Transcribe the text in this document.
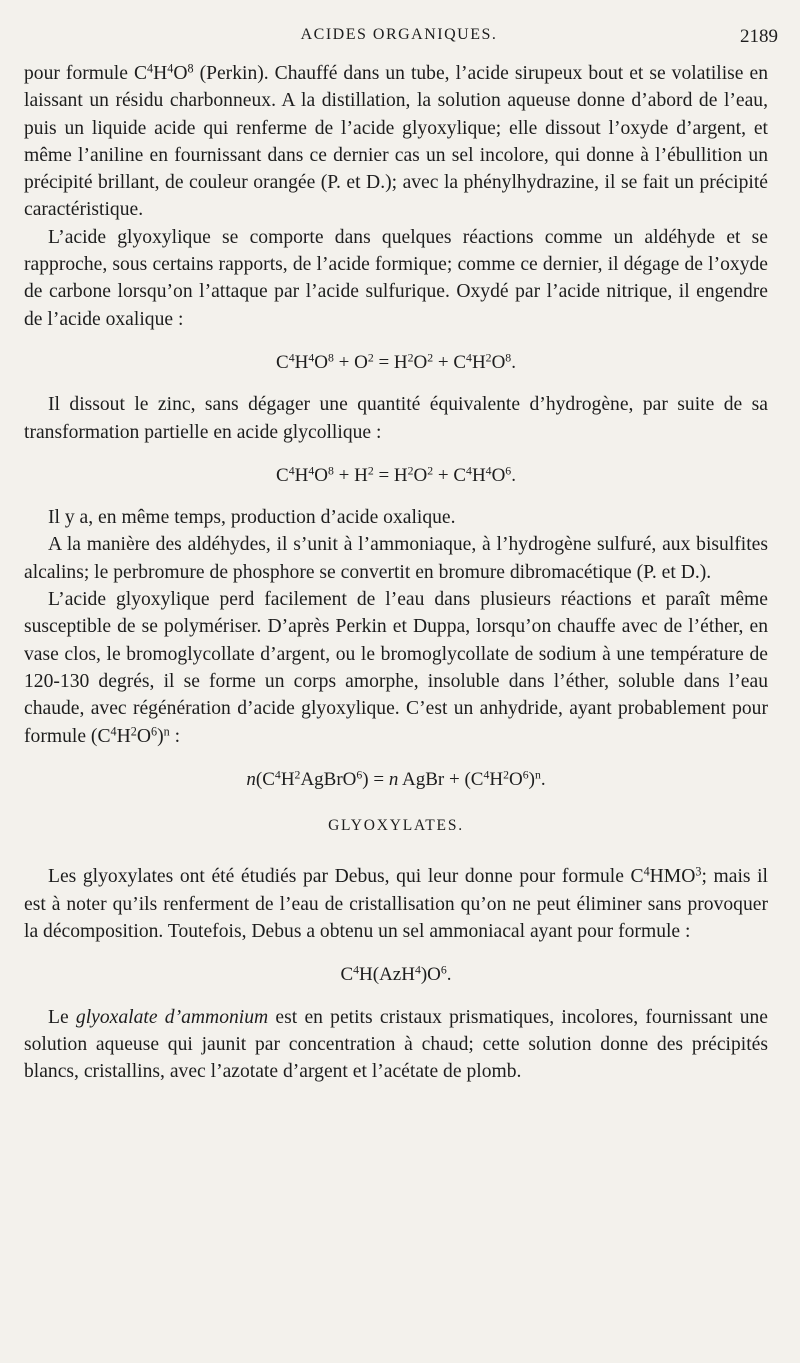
ACIDES ORGANIQUES.	2189

pour formule $C^4H^4O^8$ (Perkin). Chauffé dans un tube, l’acide sirupeux bout et se volatilise en laissant un résidu charbonneux. A la distillation, la solution aqueuse donne d’abord de l’eau, puis un liquide acide qui renferme de l’acide glyoxylique; elle dissout l’oxyde d’argent, et même l’aniline en fournissant dans ce dernier cas un sel incolore, qui donne à l’ébullition un précipité brillant, de couleur orangée (P. et D.); avec la phénylhydrazine, il se fait un précipité caractéristique.

L’acide glyoxylique se comporte dans quelques réactions comme un aldéhyde et se rapproche, sous certains rapports, de l’acide formique; comme ce dernier, il dégage de l’oxyde de carbone lorsqu’on l’attaque par l’acide sulfurique. Oxydé par l’acide nitrique, il engendre de l’acide oxalique :

$C^4H^4O^8 + O^2 = H^2O^2 + C^4H^2O^8$.

Il dissout le zinc, sans dégager une quantité équivalente d’hydrogène, par suite de sa transformation partielle en acide glycollique :

$C^4H^4O^8 + H^2 = H^2O^2 + C^4H^4O^6$.

Il y a, en même temps, production d’acide oxalique.

A la manière des aldéhydes, il s’unit à l’ammoniaque, à l’hydrogène sulfuré, aux bisulfites alcalins; le perbromure de phosphore se convertit en bromure dibromacétique (P. et D.).

L’acide glyoxylique perd facilement de l’eau dans plusieurs réactions et paraît même susceptible de se polymériser. D’après Perkin et Duppa, lorsqu’on chauffe avec de l’éther, en vase clos, le bromoglycollate d’argent, ou le bromoglycollate de sodium à une température de 120-130 degrés, il se forme un corps amorphe, insoluble dans l’éther, soluble dans l’eau chaude, avec régénération d’acide glyoxylique. C’est un anhydride, ayant probablement pour formule $(C^4H^2O^6)^n$ :

$n(C^4H^2AgBrO^6) = n$ AgBr + $(C^4H^2O^6)^n$.
GLYOXYLATES.

Les glyoxylates ont été étudiés par Debus, qui leur donne pour formule $C^4HMO^3$; mais il est à noter qu’ils renferment de l’eau de cristallisation qu’on ne peut éliminer sans provoquer la décomposition. Toutefois, Debus a obtenu un sel ammoniacal ayant pour formule :

$C^4H(AzH^4)O^6$.

Le glyoxalate d’ammonium est en petits cristaux prismatiques, incolores, fournissant une solution aqueuse qui jaunit par concentration à chaud; cette solution donne des précipités blancs, cristallins, avec l’azotate d’argent et l’acétate de plomb.
